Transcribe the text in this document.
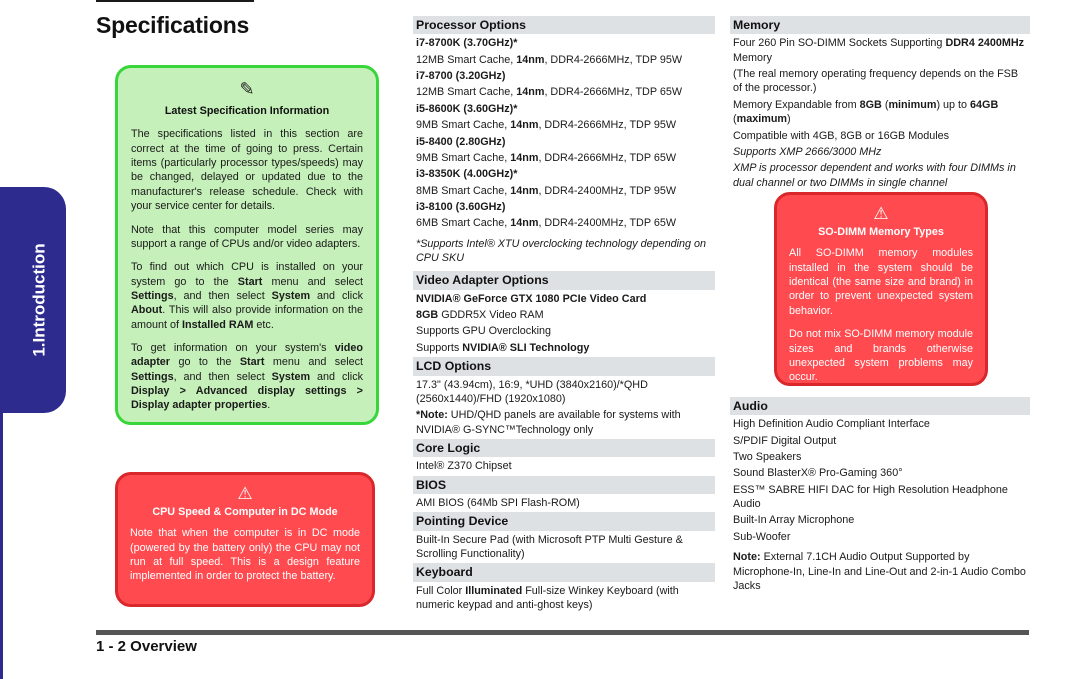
Specifications
1.Introduction
✎
Latest Specification Information

The specifications listed in this section are correct at the time of going to press. Certain items (particularly processor types/speeds) may be changed, delayed or updated due to the manufacturer's release schedule. Check with your service center for details.

Note that this computer model series may support a range of CPUs and/or video adapters.

To find out which CPU is installed on your system go to the Start menu and select Settings, and then select System and click About. This will also provide information on the amount of Installed RAM etc.

To get information on your system's video adapter go to the Start menu and select Settings, and then select System and click Display > Advanced display settings > Display adapter properties.

⚠
CPU Speed & Computer in DC Mode

Note that when the computer is in DC mode (powered by the battery only) the CPU may not run at full speed. This is a design feature implemented in order to protect the battery.

Processor Options
i7-8700K (3.70GHz)*
12MB Smart Cache, 14nm, DDR4-2666MHz, TDP 95W
i7-8700 (3.20GHz)
12MB Smart Cache, 14nm, DDR4-2666MHz, TDP 65W
i5-8600K (3.60GHz)*
9MB Smart Cache, 14nm, DDR4-2666MHz, TDP 95W
i5-8400 (2.80GHz)
9MB Smart Cache, 14nm, DDR4-2666MHz, TDP 65W
i3-8350K (4.00GHz)*
8MB Smart Cache, 14nm, DDR4-2400MHz, TDP 95W
i3-8100 (3.60GHz)
6MB Smart Cache, 14nm, DDR4-2400MHz, TDP 65W
*Supports Intel® XTU overclocking technology depending on CPU SKU
Video Adapter Options
NVIDIA® GeForce GTX 1080 PCIe Video Card
8GB GDDR5X Video RAM
Supports GPU Overclocking
Supports NVIDIA® SLI Technology
LCD Options
17.3" (43.94cm), 16:9, *UHD (3840x2160)/*QHD (2560x1440)/FHD (1920x1080)
*Note: UHD/QHD panels are available for systems with NVIDIA® G-SYNC™Technology only
Core Logic
Intel® Z370 Chipset
BIOS
AMI BIOS (64Mb SPI Flash-ROM)
Pointing Device
Built-In Secure Pad (with Microsoft PTP Multi Gesture & Scrolling Functionality)
Keyboard
Full Color Illuminated Full-size Winkey Keyboard (with numeric keypad and anti-ghost keys)
Memory
Four 260 Pin SO-DIMM Sockets Supporting DDR4 2400MHz Memory
(The real memory operating frequency depends on the FSB of the processor.)
Memory Expandable from 8GB (minimum) up to 64GB (maximum)
Compatible with 4GB, 8GB or 16GB Modules
Supports XMP 2666/3000 MHz
XMP is processor dependent and works with four DIMMs in dual channel or two DIMMs in single channel
Audio
High Definition Audio Compliant Interface
S/PDIF Digital Output
Two Speakers
Sound BlasterX® Pro-Gaming 360°
ESS™ SABRE HIFI DAC for High Resolution Headphone Audio
Built-In Array Microphone
Sub-Woofer
Note: External 7.1CH Audio Output Supported by Microphone-In, Line-In and Line-Out and 2-in-1 Audio Combo Jacks
⚠
SO-DIMM Memory Types

All SO-DIMM memory modules installed in the system should be identical (the same size and brand) in order to prevent unexpected system behavior.

Do not mix SO-DIMM memory module sizes and brands otherwise unexpected system problems may occur.

1 - 2 Overview
